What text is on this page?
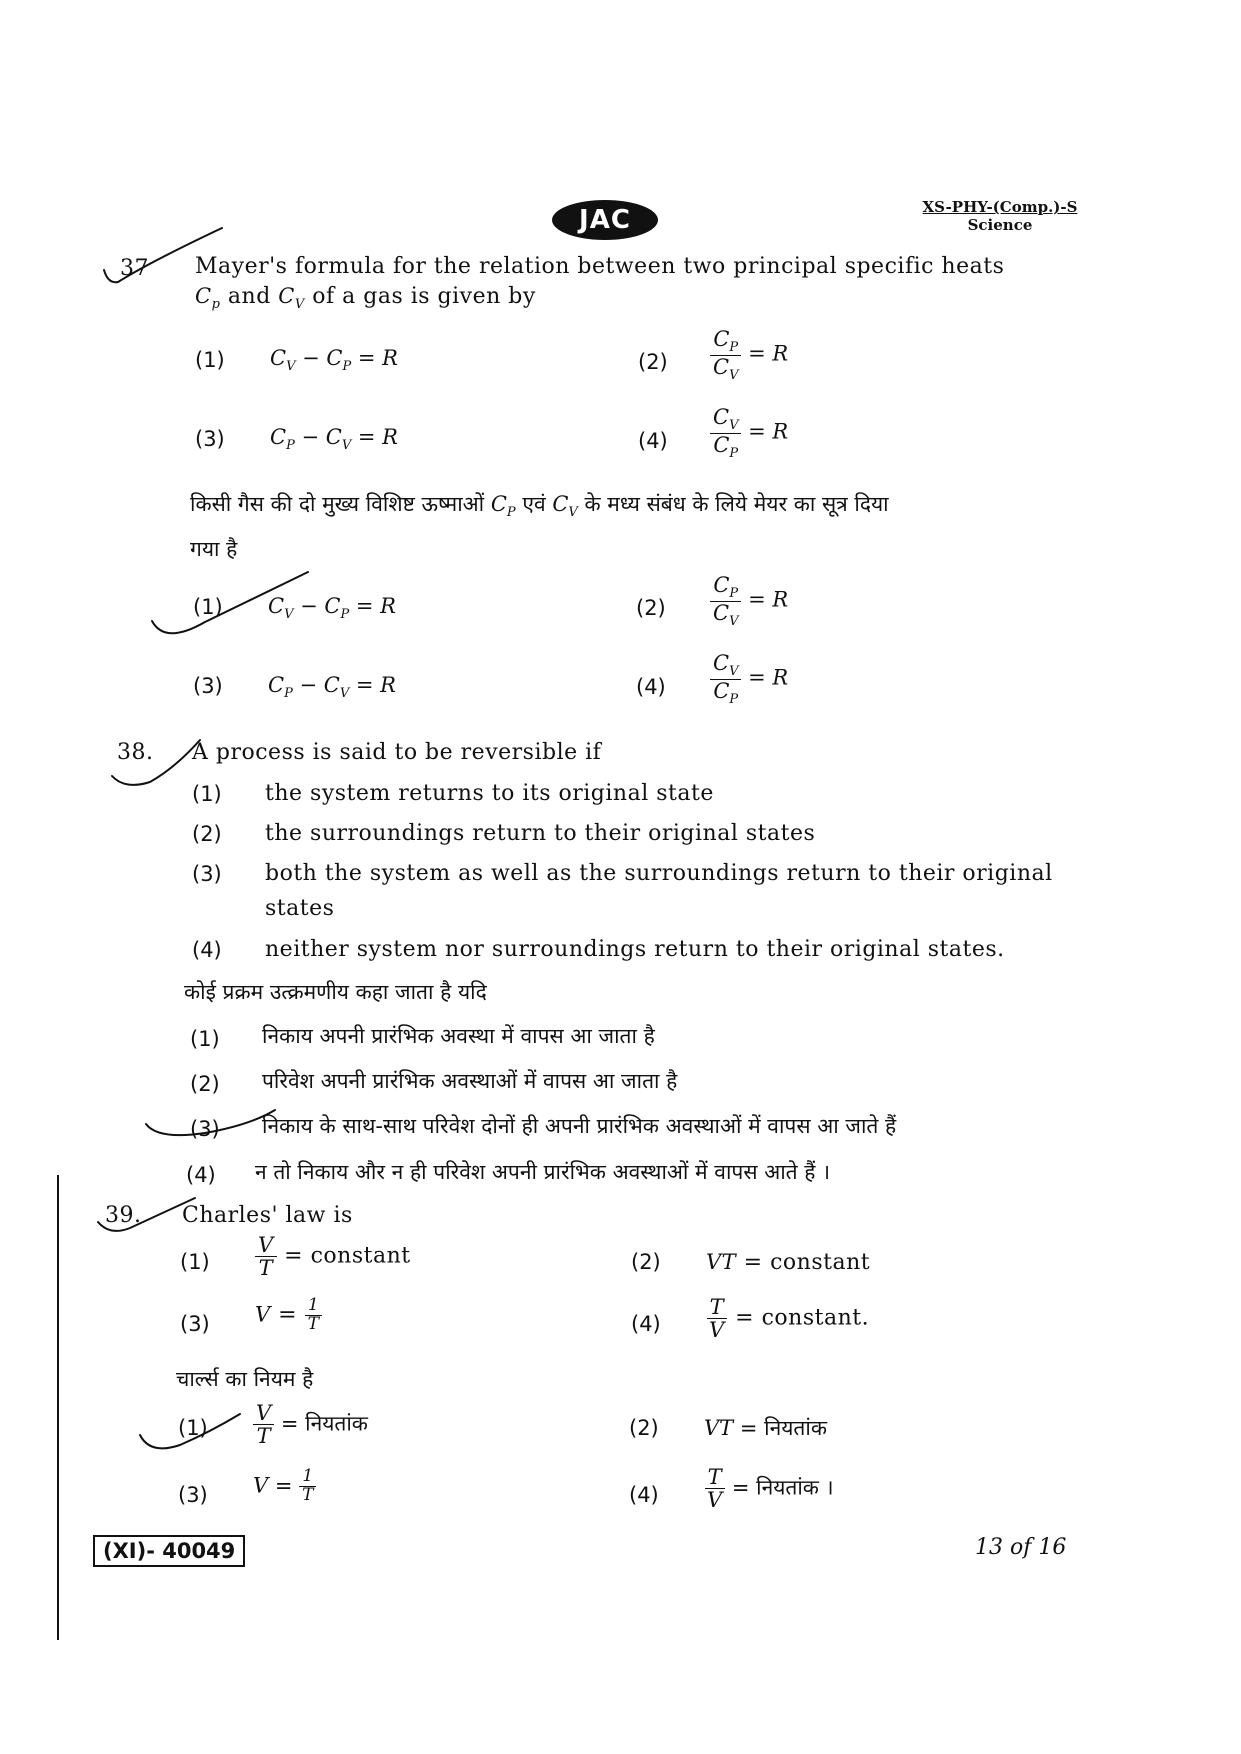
JAC	XS-PHY-(Comp.)-S
Science
37 Mayer's formula for the relation between two principal specific heats
$C_p$ and $C_V$ of a gas is given by
(1) $C_V - C_P = R$	$(2) \frac{C_P}{C_V} = R$
(3) $C_P - C_V = R$	$(4) \frac{C_V}{C_P} = R$
किसी गैस की दो मुख्य विशिष्ट ऊष्माओं $C_P$ एवं $C_V$ के मध्य संबंध के लिये मेयर का सूत्र दिया
गया है
(1) $C_V - C_P = R$	$(2) \frac{C_P}{C_V} = R$
(3) $C_P - C_V = R$	$(4) \frac{C_V}{C_P} = R$
38. A process is said to be reversible if
(1) the system returns to its original state
(2) the surroundings return to their original states
(3) both the system as well as the surroundings return to their original
states
(4) neither system nor surroundings return to their original states.
कोई प्रक्रम उत्क्रमणीय कहा जाता है यदि
(1) निकाय अपनी प्रारंभिक अवस्था में वापस आ जाता है
(2) परिवेश अपनी प्रारंभिक अवस्थाओं में वापस आ जाता है
(3) निकाय के साथ-साथ परिवेश दोनों ही अपनी प्रारंभिक अवस्थाओं में वापस आ जाते हैं
(4) न तो निकाय और न ही परिवेश अपनी प्रारंभिक अवस्थाओं में वापस आते हैं ।
39. Charles' law is
$(1) \frac{V}{T}$ = constant	(2) VT = constant
(3) $V = \frac{1}{T}$	$(4) \frac{T}{V}$ = constant.
चार्ल्स का नियम है
$(1) \frac{V}{T}$ = नियतांक	(2) VT = नियतांक
(3) $V = \frac{1}{T}$	$(4) \frac{T}{V}$ = नियतांक ।
(XI)- 40049	13 of 16
